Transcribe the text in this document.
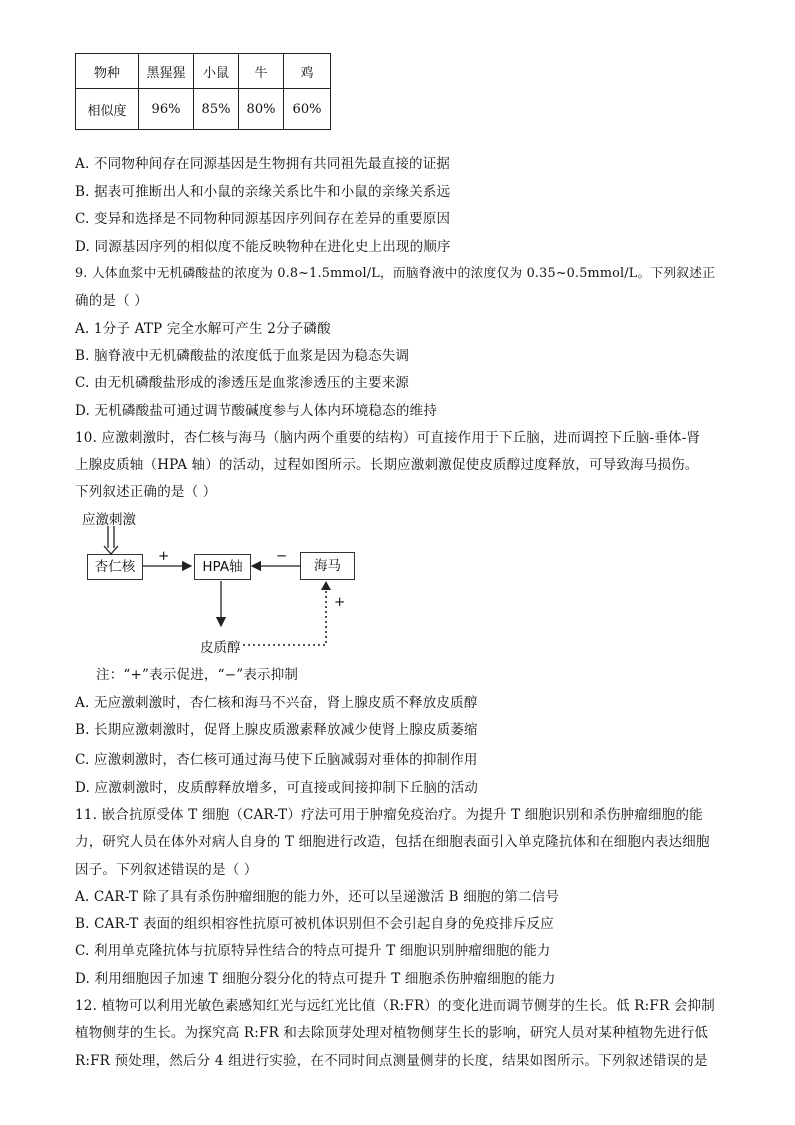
物种	黑猩猩	小鼠	牛	鸡
相似度	96%	85%	80%	60%
A. 不同物种间存在同源基因是生物拥有共同祖先最直接的证据
B. 据表可推断出人和小鼠的亲缘关系比牛和小鼠的亲缘关系远
C. 变异和选择是不同物种同源基因序列间存在差异的重要原因
D. 同源基因序列的相似度不能反映物种在进化史上出现的顺序
9. 人体血浆中无机磷酸盐的浓度为 0.8~1.5mmol/L，而脑脊液中的浓度仅为 0.35~0.5mmol/L。下列叙述正
确的是（ ）
A. 1分子 ATP 完全水解可产生 2分子磷酸
B. 脑脊液中无机磷酸盐的浓度低于血浆是因为稳态失调
C. 由无机磷酸盐形成的渗透压是血浆渗透压的主要来源
D. 无机磷酸盐可通过调节酸碱度参与人体内环境稳态的维持
10. 应激刺激时，杏仁核与海马（脑内两个重要的结构）可直接作用于下丘脑，进而调控下丘脑-垂体-肾
上腺皮质轴（HPA 轴）的活动，过程如图所示。长期应激刺激促使皮质醇过度释放，可导致海马损伤。
下列叙述正确的是（ ）
应激刺激
杏仁核	HPA轴	海马
皮质醇
+	−
+
注：“+”表示促进，“−”表示抑制
A. 无应激刺激时，杏仁核和海马不兴奋，肾上腺皮质不释放皮质醇
B. 长期应激刺激时，促肾上腺皮质激素释放减少使肾上腺皮质萎缩
C. 应激刺激时，杏仁核可通过海马使下丘脑减弱对垂体的抑制作用
D. 应激刺激时，皮质醇释放增多，可直接或间接抑制下丘脑的活动
11. 嵌合抗原受体 T 细胞（CAR-T）疗法可用于肿瘤免疫治疗。为提升 T 细胞识别和杀伤肿瘤细胞的能
力，研究人员在体外对病人自身的 T 细胞进行改造，包括在细胞表面引入单克隆抗体和在细胞内表达细胞
因子。下列叙述错误的是（ ）
A. CAR-T 除了具有杀伤肿瘤细胞的能力外，还可以呈递激活 B 细胞的第二信号
B. CAR-T 表面的组织相容性抗原可被机体识别但不会引起自身的免疫排斥反应
C. 利用单克隆抗体与抗原特异性结合的特点可提升 T 细胞识别肿瘤细胞的能力
D. 利用细胞因子加速 T 细胞分裂分化的特点可提升 T 细胞杀伤肿瘤细胞的能力
12. 植物可以利用光敏色素感知红光与远红光比值（R:FR）的变化进而调节侧芽的生长。低 R:FR 会抑制
植物侧芽的生长。为探究高 R:FR 和去除顶芽处理对植物侧芽生长的影响，研究人员对某种植物先进行低
R:FR 预处理，然后分 4 组进行实验，在不同时间点测量侧芽的长度，结果如图所示。下列叙述错误的是
